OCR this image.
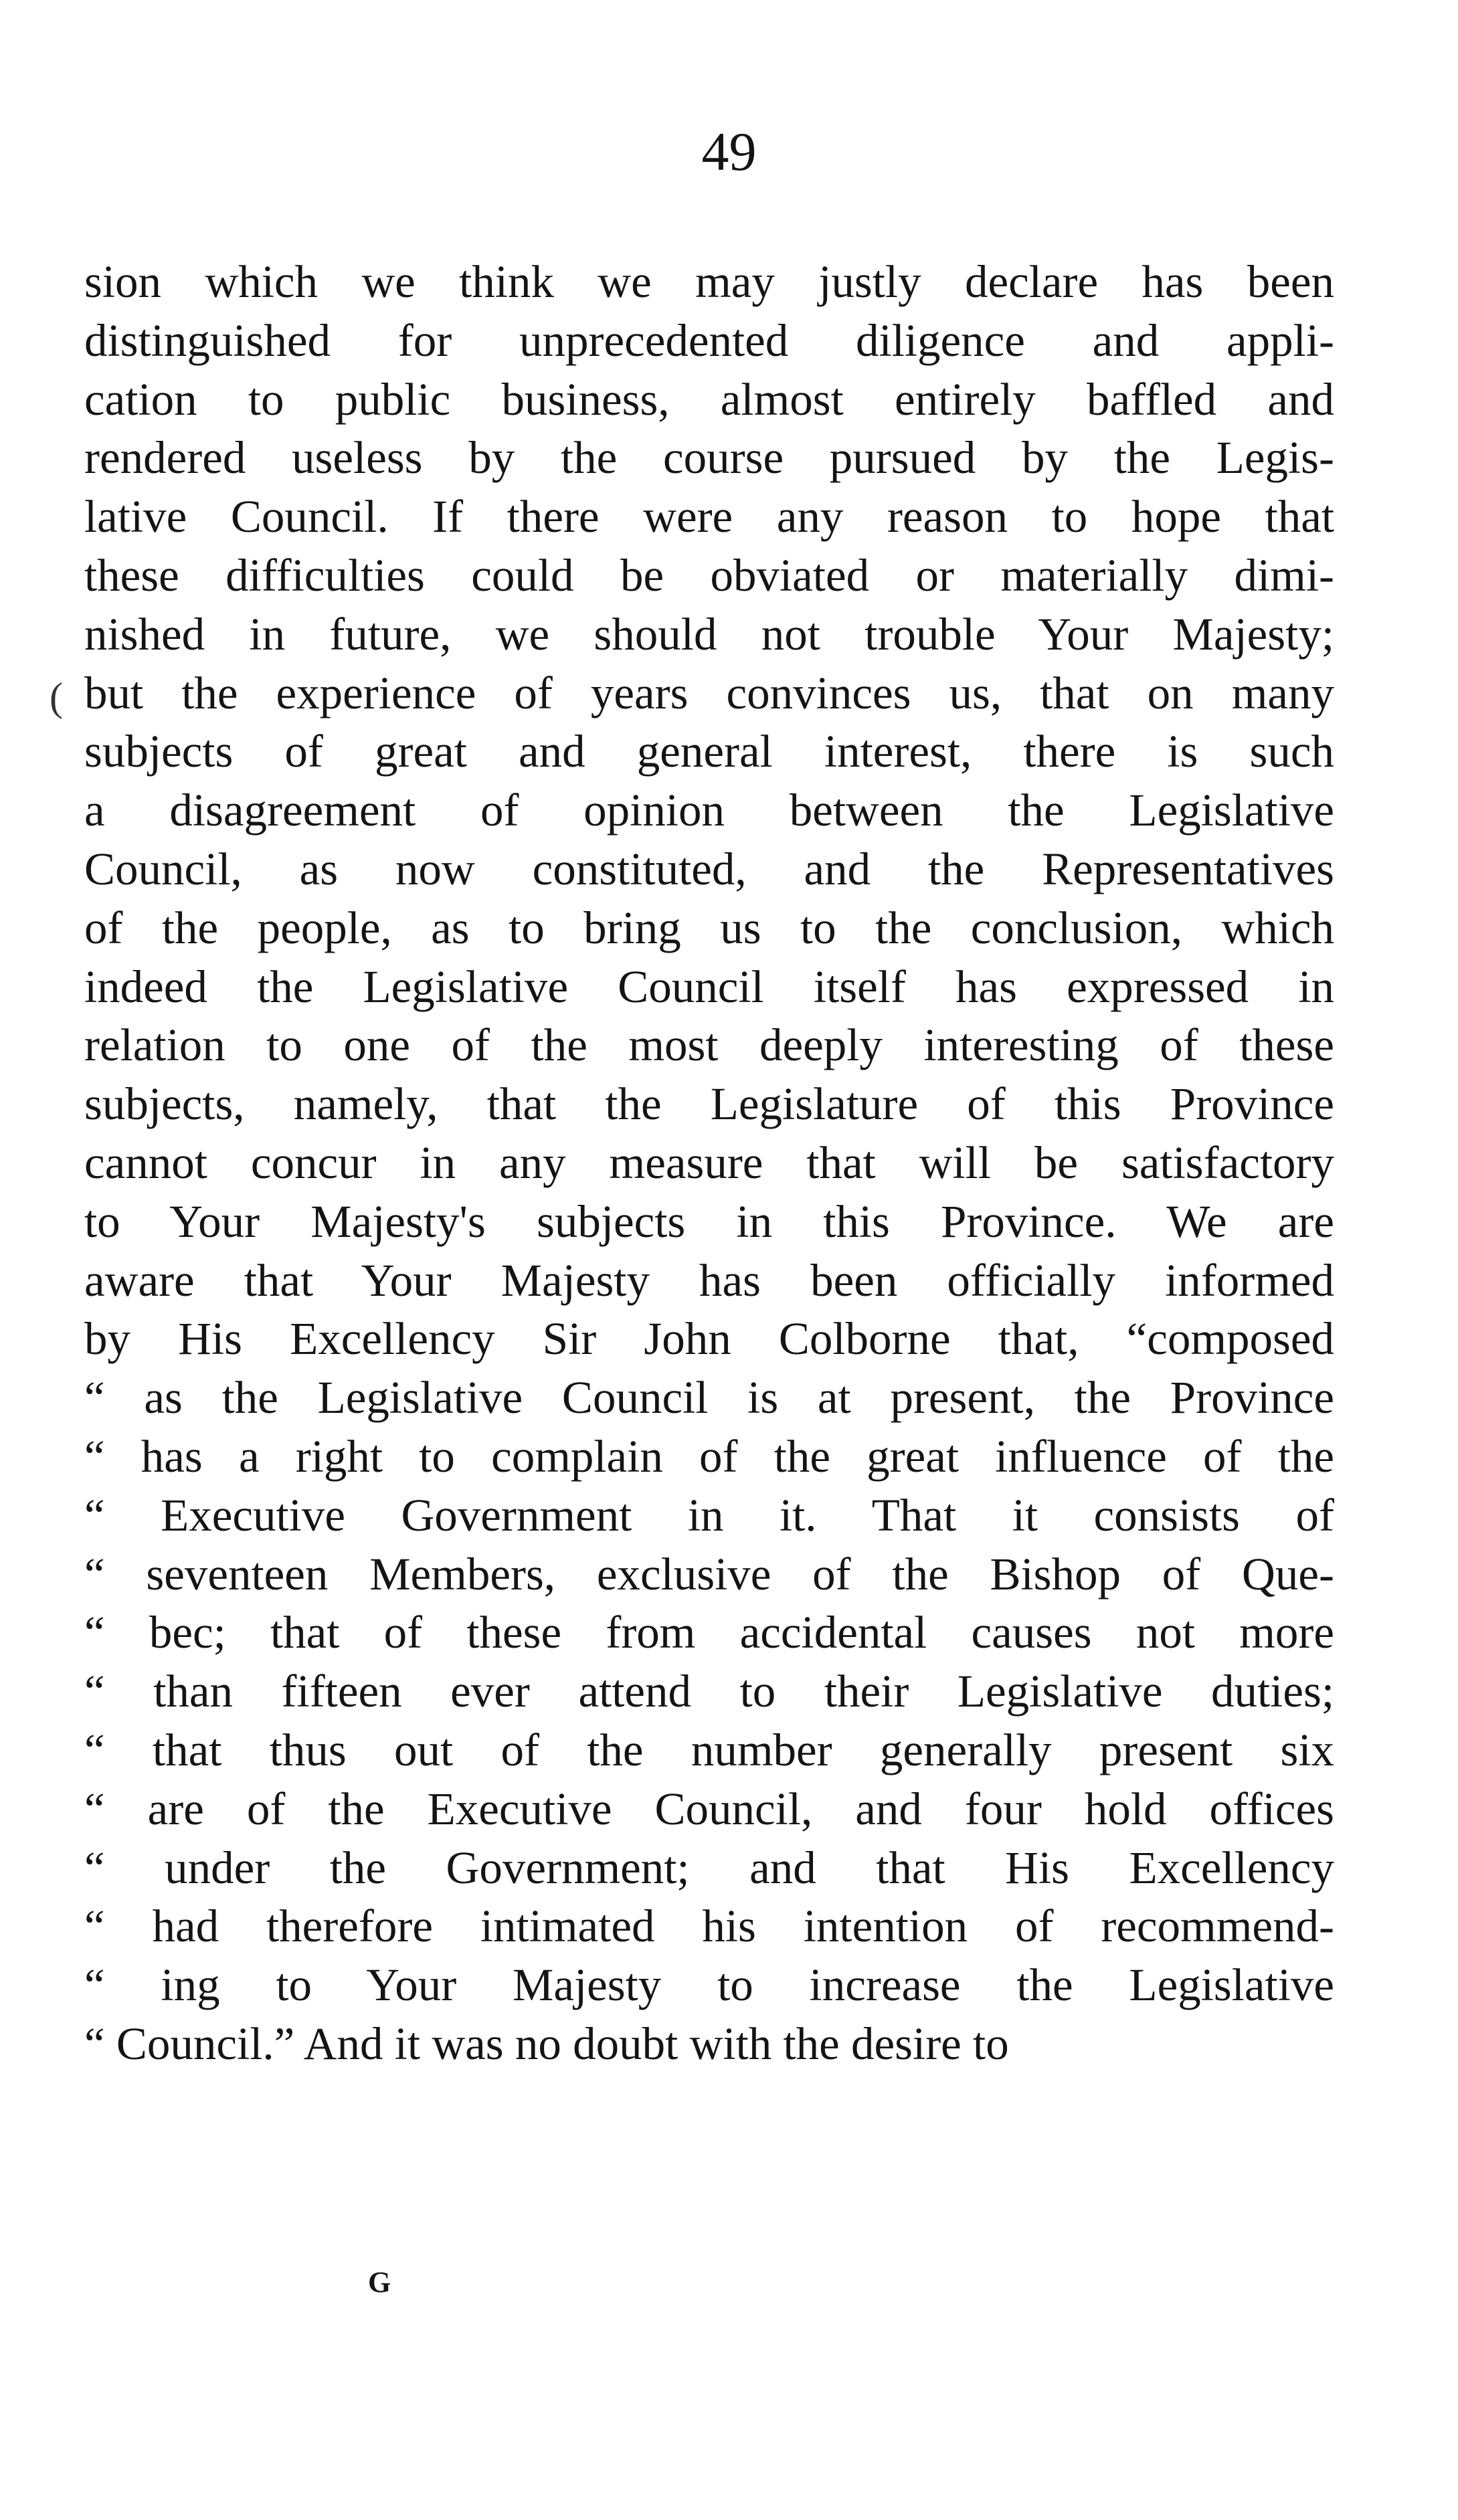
49
(
sion which we think we may justly declare has been
distinguished for unprecedented diligence and appli-
cation to public business, almost entirely baffled and
rendered useless by the course pursued by the Legis-
lative Council. If there were any reason to hope that
these difficulties could be obviated or materially dimi-
nished in future, we should not trouble Your Majesty;
but the experience of years convinces us, that on many
subjects of great and general interest, there is such
a disagreement of opinion between the Legislative
Council, as now constituted, and the Representatives
of the people, as to bring us to the conclusion, which
indeed the Legislative Council itself has expressed in
relation to one of the most deeply interesting of these
subjects, namely, that the Legislature of this Province
cannot concur in any measure that will be satisfactory
to Your Majesty's subjects in this Province. We are
aware that Your Majesty has been officially informed
by His Excellency Sir John Colborne that, “composed
“ as the Legislative Council is at present, the Province
“ has a right to complain of the great influence of the
“ Executive Government in it. That it consists of
“ seventeen Members, exclusive of the Bishop of Que-
“ bec; that of these from accidental causes not more
“ than fifteen ever attend to their Legislative duties;
“ that thus out of the number generally present six
“ are of the Executive Council, and four hold offices
“ under the Government; and that His Excellency
“ had therefore intimated his intention of recommend-
“ ing to Your Majesty to increase the Legislative
“ Council.” And it was no doubt with the desire to
G
